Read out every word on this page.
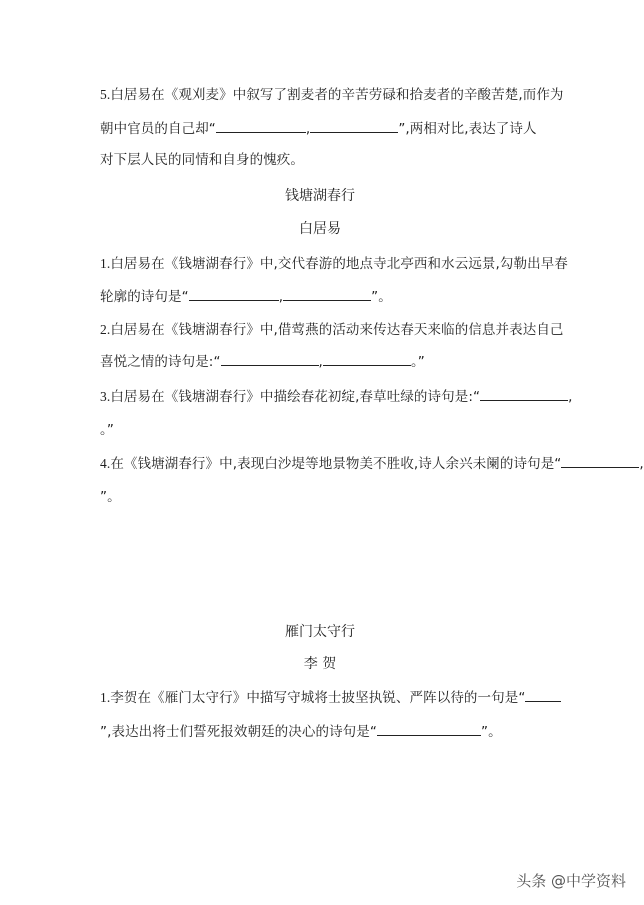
5.白居易在《观刈麦》中叙写了割麦者的辛苦劳碌和拾麦者的辛酸苦楚,而作为
朝中官员的自己却“	,	”,两相对比,表达了诗人
对下层人民的同情和自身的愧疚。
钱塘湖春行
白居易
1.白居易在《钱塘湖春行》中,交代春游的地点寺北亭西和水云远景,勾勒出早春
轮廓的诗句是“	,	”。
2.白居易在《钱塘湖春行》中,借莺燕的活动来传达春天来临的信息并表达自己
喜悦之情的诗句是:“	,	。”
3.白居易在《钱塘湖春行》中描绘春花初绽,春草吐绿的诗句是:“	,
。”
4.在《钱塘湖春行》中,表现白沙堤等地景物美不胜收,诗人余兴未阑的诗句是“	,
”。
雁门太守行
李 贺
1.李贺在《雁门太守行》中描写守城将士披坚执锐、严阵以待的一句是“
”,表达出将士们誓死报效朝廷的决心的诗句是“	”。
头条 @中学资料
